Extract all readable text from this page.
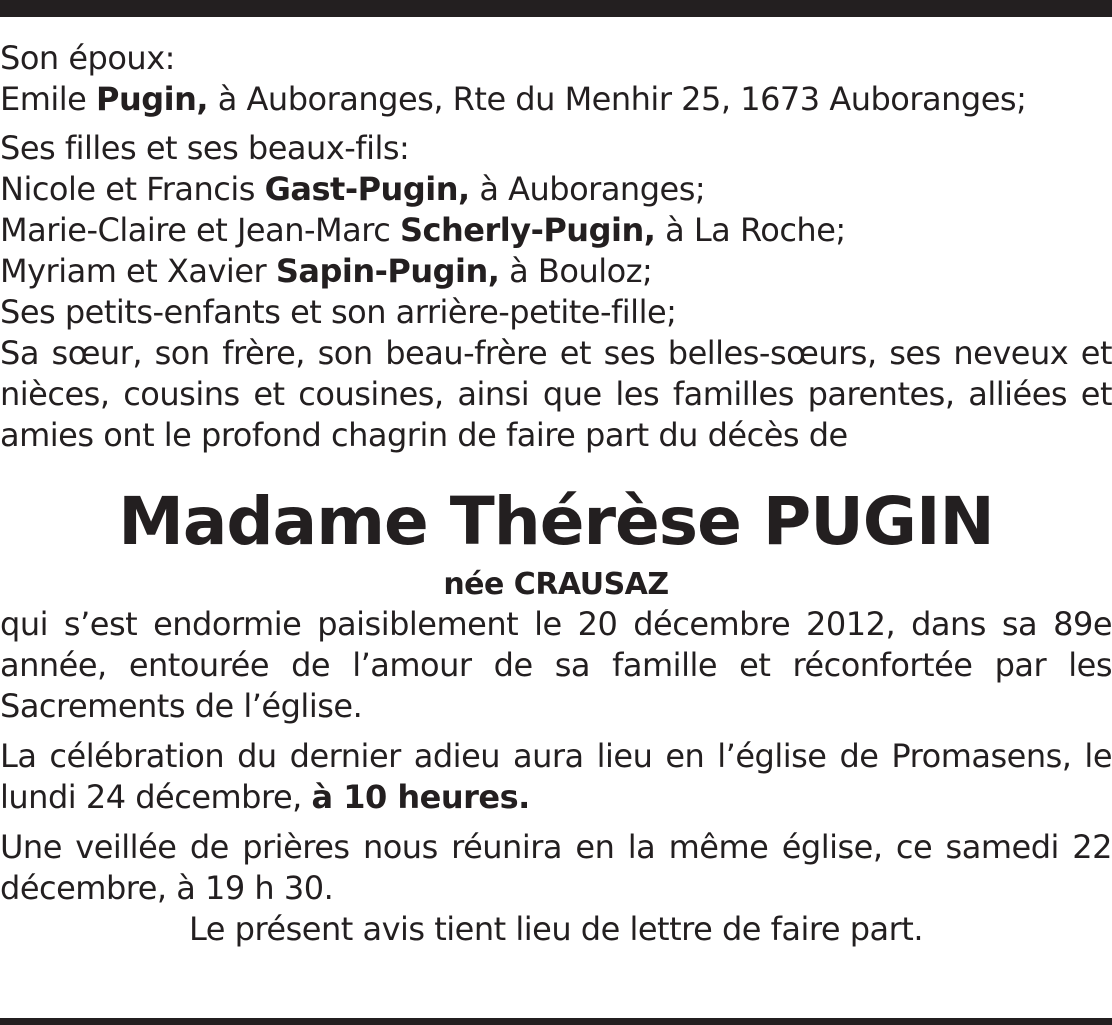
Son époux:

Emile Pugin, à Auboranges, Rte du Menhir 25, 1673 Auboranges;

Ses filles et ses beaux-fils:

Nicole et Francis Gast-Pugin, à Auboranges;

Marie-Claire et Jean-Marc Scherly-Pugin, à La Roche;

Myriam et Xavier Sapin-Pugin, à Bouloz;

Ses petits-enfants et son arrière-petite-fille;

Sa sœur, son frère, son beau-frère et ses belles-sœurs, ses neveux et nièces, cousins et cousines, ainsi que les familles parentes, alliées et amies ont le profond chagrin de faire part du décès de

Madame Thérèse PUGIN

née CRAUSAZ

qui s’est endormie paisiblement le 20 décembre 2012, dans sa 89e année, entourée de l’amour de sa famille et réconfortée par les Sacrements de l’église.

La célébration du dernier adieu aura lieu en l’église de Promasens, le lundi 24 décembre, à 10 heures.

Une veillée de prières nous réunira en la même église, ce samedi 22 décembre, à 19 h 30.

Le présent avis tient lieu de lettre de faire part.
